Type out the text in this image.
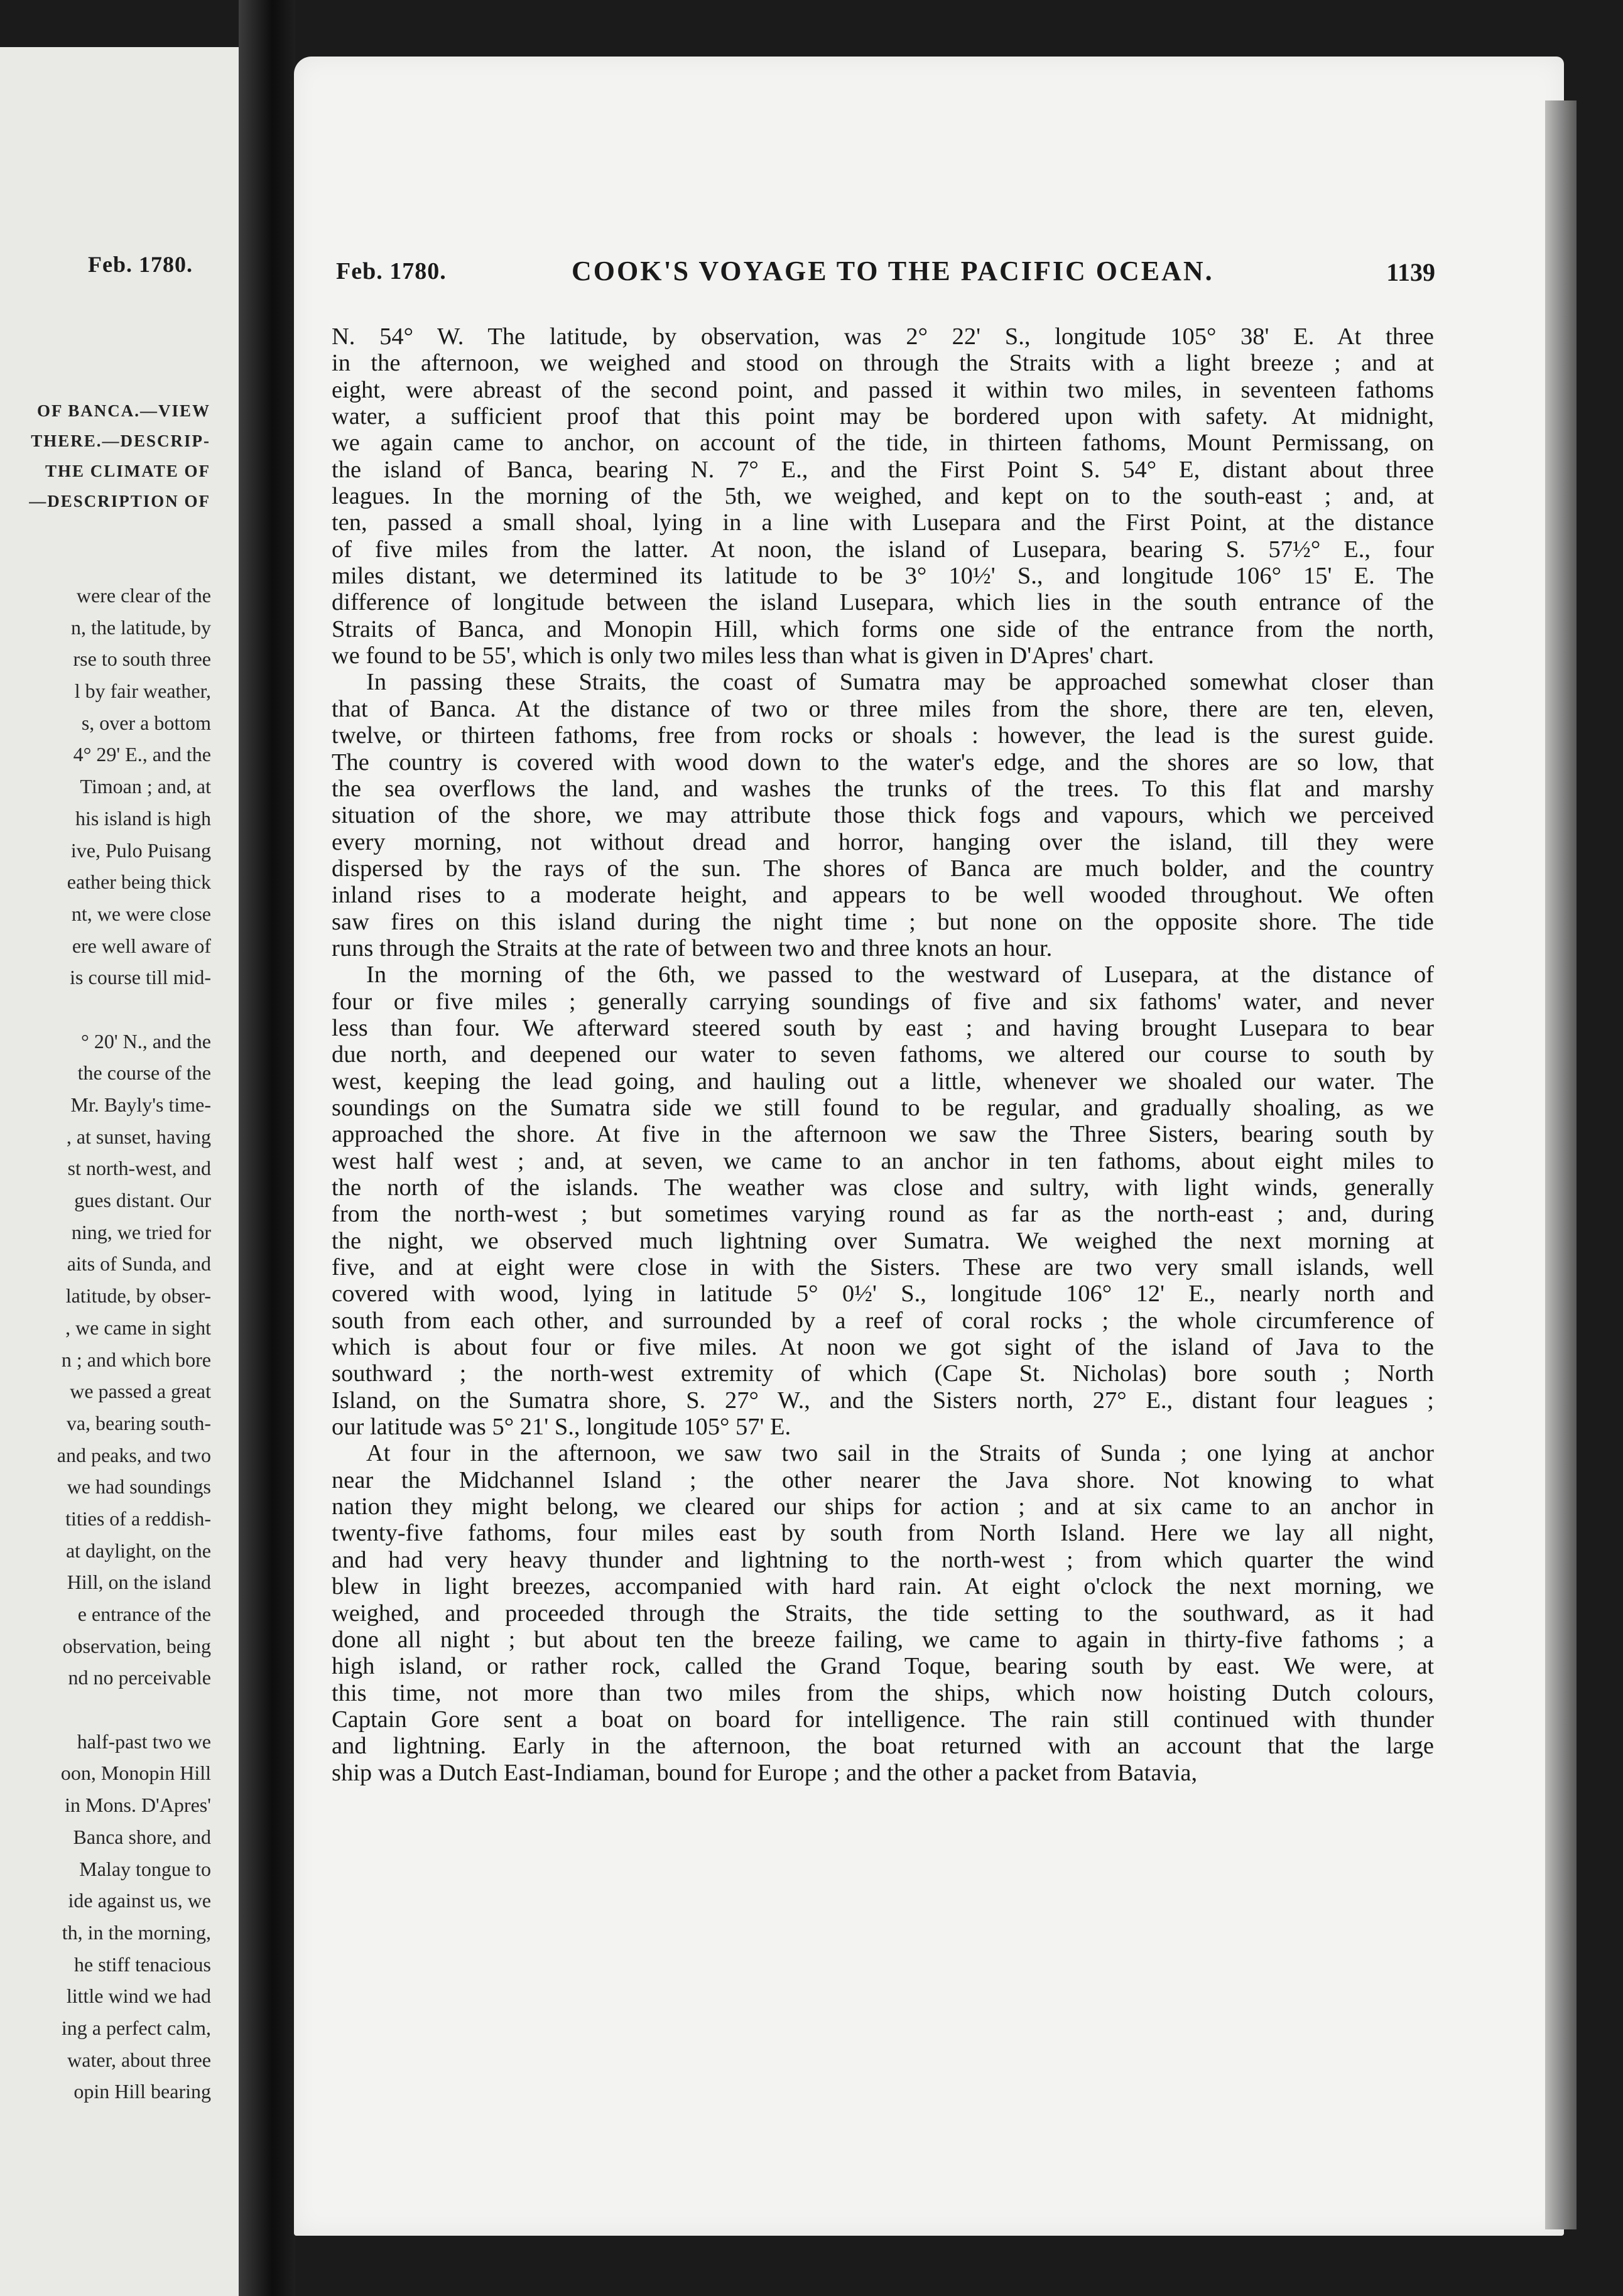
Feb. 1780.
OF BANCA.—VIEW
THERE.—DESCRIP-
THE CLIMATE OF
—DESCRIPTION OF
were clear of the
n, the latitude, by
rse to south three
l by fair weather,
s, over a bottom
4° 29' E., and the
Timoan ; and, at
his island is high
ive, Pulo Puisang
eather being thick
nt, we were close
ere well aware of
is course till mid-
° 20' N., and the
the course of the
Mr. Bayly's time-
, at sunset, having
st north-west, and
gues distant. Our
ning, we tried for
aits of Sunda, and
latitude, by obser-
, we came in sight
n ; and which bore
we passed a great
va, bearing south-
and peaks, and two
we had soundings
tities of a reddish-
at daylight, on the
Hill, on the island
e entrance of the
observation, being
nd no perceivable
half-past two we
oon, Monopin Hill
in Mons. D'Apres'
Banca shore, and
Malay tongue to
ide against us, we
th, in the morning,
he stiff tenacious
little wind we had
ing a perfect calm,
water, about three
opin Hill bearing
Feb. 1780.	COOK'S VOYAGE TO THE PACIFIC OCEAN.	1139
N. 54° W. The latitude, by observation, was 2° 22' S., longitude 105° 38' E. At three
in the afternoon, we weighed and stood on through the Straits with a light breeze ; and at
eight, were abreast of the second point, and passed it within two miles, in seventeen fathoms
water, a sufficient proof that this point may be bordered upon with safety. At midnight,
we again came to anchor, on account of the tide, in thirteen fathoms, Mount Permissang, on
the island of Banca, bearing N. 7° E., and the First Point S. 54° E, distant about three
leagues. In the morning of the 5th, we weighed, and kept on to the south-east ; and, at
ten, passed a small shoal, lying in a line with Lusepara and the First Point, at the distance
of five miles from the latter. At noon, the island of Lusepara, bearing S. 57½° E., four
miles distant, we determined its latitude to be 3° 10½' S., and longitude 106° 15' E. The
difference of longitude between the island Lusepara, which lies in the south entrance of the
Straits of Banca, and Monopin Hill, which forms one side of the entrance from the north,
we found to be 55', which is only two miles less than what is given in D'Apres' chart.
In passing these Straits, the coast of Sumatra may be approached somewhat closer than
that of Banca. At the distance of two or three miles from the shore, there are ten, eleven,
twelve, or thirteen fathoms, free from rocks or shoals : however, the lead is the surest guide.
The country is covered with wood down to the water's edge, and the shores are so low, that
the sea overflows the land, and washes the trunks of the trees. To this flat and marshy
situation of the shore, we may attribute those thick fogs and vapours, which we perceived
every morning, not without dread and horror, hanging over the island, till they were
dispersed by the rays of the sun. The shores of Banca are much bolder, and the country
inland rises to a moderate height, and appears to be well wooded throughout. We often
saw fires on this island during the night time ; but none on the opposite shore. The tide
runs through the Straits at the rate of between two and three knots an hour.
In the morning of the 6th, we passed to the westward of Lusepara, at the distance of
four or five miles ; generally carrying soundings of five and six fathoms' water, and never
less than four. We afterward steered south by east ; and having brought Lusepara to bear
due north, and deepened our water to seven fathoms, we altered our course to south by
west, keeping the lead going, and hauling out a little, whenever we shoaled our water. The
soundings on the Sumatra side we still found to be regular, and gradually shoaling, as we
approached the shore. At five in the afternoon we saw the Three Sisters, bearing south by
west half west ; and, at seven, we came to an anchor in ten fathoms, about eight miles to
the north of the islands. The weather was close and sultry, with light winds, generally
from the north-west ; but sometimes varying round as far as the north-east ; and, during
the night, we observed much lightning over Sumatra. We weighed the next morning at
five, and at eight were close in with the Sisters. These are two very small islands, well
covered with wood, lying in latitude 5° 0½' S., longitude 106° 12' E., nearly north and
south from each other, and surrounded by a reef of coral rocks ; the whole circumference of
which is about four or five miles. At noon we got sight of the island of Java to the
southward ; the north-west extremity of which (Cape St. Nicholas) bore south ; North
Island, on the Sumatra shore, S. 27° W., and the Sisters north, 27° E., distant four leagues ;
our latitude was 5° 21' S., longitude 105° 57' E.
At four in the afternoon, we saw two sail in the Straits of Sunda ; one lying at anchor
near the Midchannel Island ; the other nearer the Java shore. Not knowing to what
nation they might belong, we cleared our ships for action ; and at six came to an anchor in
twenty-five fathoms, four miles east by south from North Island. Here we lay all night,
and had very heavy thunder and lightning to the north-west ; from which quarter the wind
blew in light breezes, accompanied with hard rain. At eight o'clock the next morning, we
weighed, and proceeded through the Straits, the tide setting to the southward, as it had
done all night ; but about ten the breeze failing, we came to again in thirty-five fathoms ; a
high island, or rather rock, called the Grand Toque, bearing south by east. We were, at
this time, not more than two miles from the ships, which now hoisting Dutch colours,
Captain Gore sent a boat on board for intelligence. The rain still continued with thunder
and lightning. Early in the afternoon, the boat returned with an account that the large
ship was a Dutch East-Indiaman, bound for Europe ; and the other a packet from Batavia,
